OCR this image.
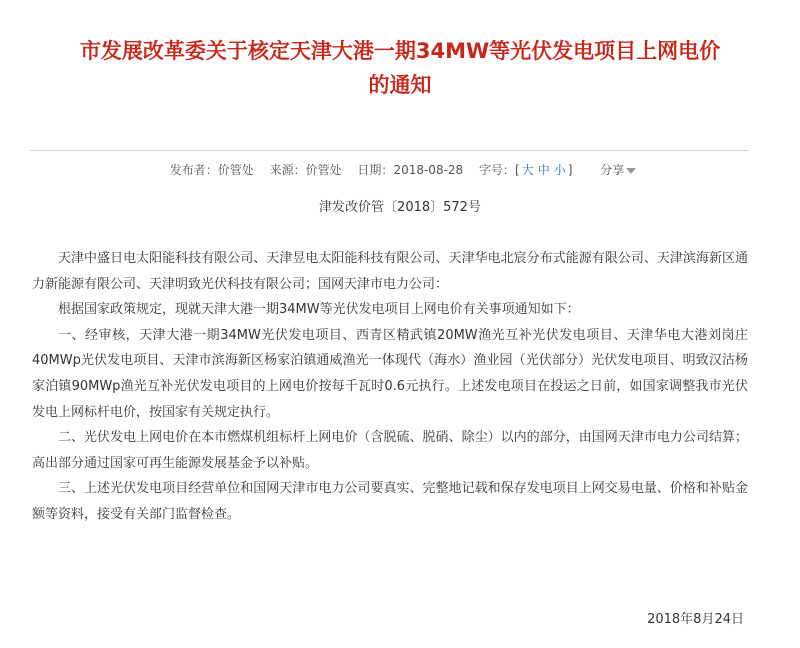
市发展改革委关于核定天津大港一期34MW等光伏发电项目上网电价
的通知
发布者：价管处 来源：价管处 日期：2018-08-28 字号：[ 大 中 小 ] 分享
津发改价管〔2018〕572号

天津中盛日电太阳能科技有限公司、天津昱电太阳能科技有限公司、天津华电北宸分布式能源有限公司、天津滨海新区通力新能源有限公司、天津明致光伏科技有限公司；国网天津市电力公司：

根据国家政策规定，现就天津大港一期34MW等光伏发电项目上网电价有关事项通知如下：

一、经审核，天津大港一期34MW光伏发电项目、西青区精武镇20MW渔光互补光伏发电项目、天津华电大港刘岗庄40MWp光伏发电项目、天津市滨海新区杨家泊镇通威渔光一体现代（海水）渔业园（光伏部分）光伏发电项目、明致汉沽杨家泊镇90MWp渔光互补光伏发电项目的上网电价按每千瓦时0.6元执行。上述发电项目在投运之日前，如国家调整我市光伏发电上网标杆电价，按国家有关规定执行。

二、光伏发电上网电价在本市燃煤机组标杆上网电价（含脱硫、脱硝、除尘）以内的部分，由国网天津市电力公司结算；高出部分通过国家可再生能源发展基金予以补贴。

三、上述光伏发电项目经营单位和国网天津市电力公司要真实、完整地记载和保存发电项目上网交易电量、价格和补贴金额等资料，接受有关部门监督检查。

2018年8月24日
